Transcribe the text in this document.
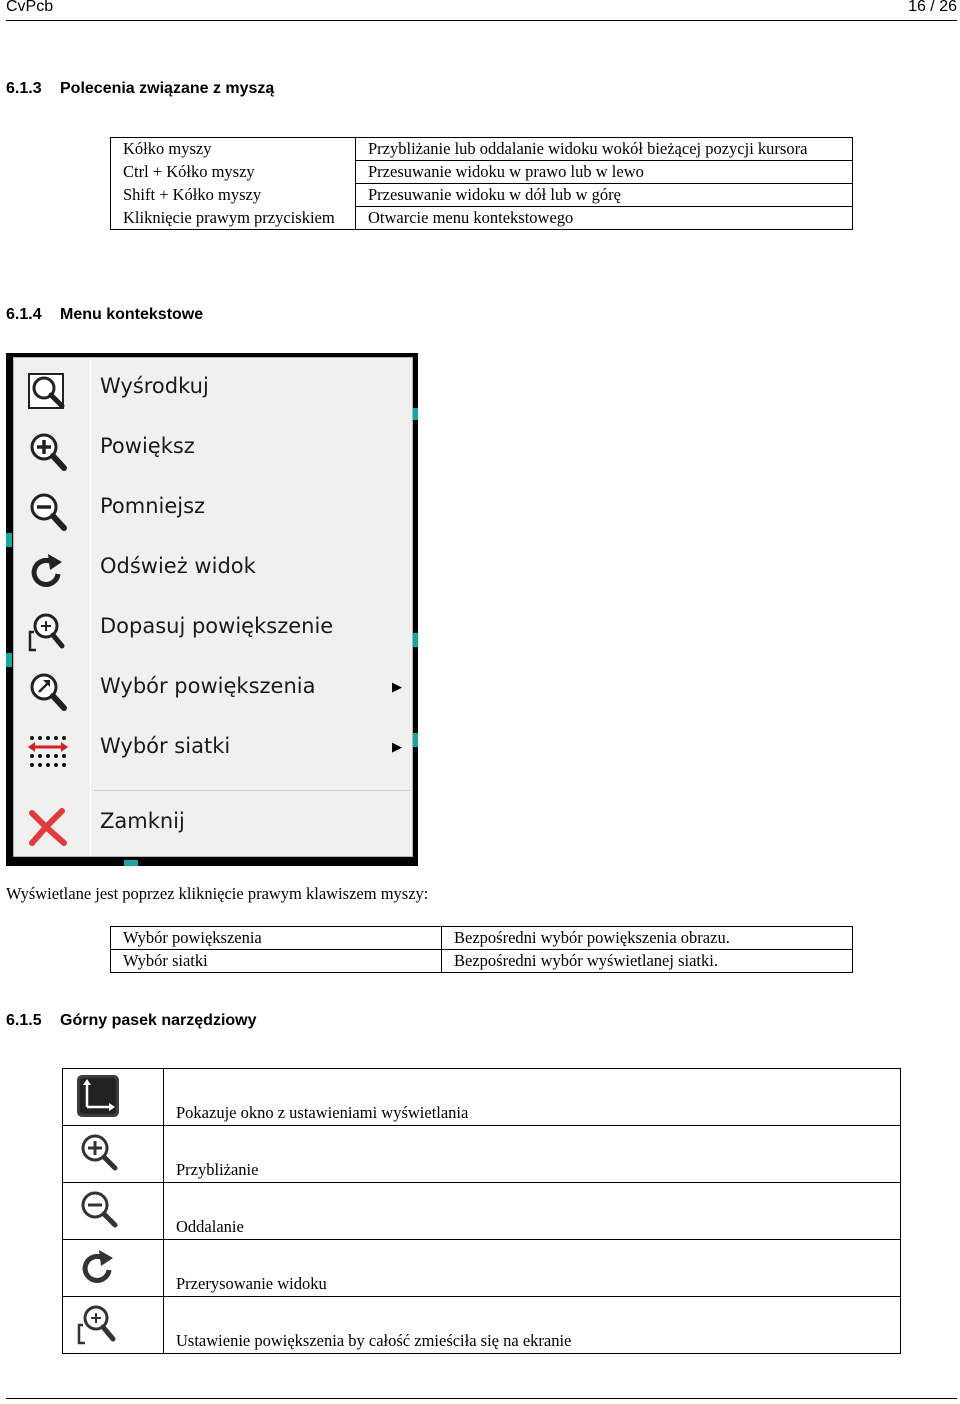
CvPcb	16 / 26
6.1.3 Polecenia związane z myszą
Kółko myszy	Przybliżanie lub oddalanie widoku wokół bieżącej pozycji kursora
Ctrl + Kółko myszy	Przesuwanie widoku w prawo lub w lewo
Shift + Kółko myszy	Przesuwanie widoku w dół lub w górę
Kliknięcie prawym przyciskiem	Otwarcie menu kontekstowego
6.1.4 Menu kontekstowe
Wyśrodkuj
Powiększ
Pomniejsz
Odśwież widok
Dopasuj powiększenie
Wybór powiększenia	▶
Wybór siatki	▶
Zamknij
Wyświetlane jest poprzez kliknięcie prawym klawiszem myszy:
Wybór powiększenia	Bezpośredni wybór powiększenia obrazu.
Wybór siatki	Bezpośredni wybór wyświetlanej siatki.
6.1.5 Górny pasek narzędziowy
	Pokazuje okno z ustawieniami wyświetlania

	Przybliżanie

	Oddalanie

	Przerysowanie widoku

	Ustawienie powiększenia by całość zmieściła się na ekranie
